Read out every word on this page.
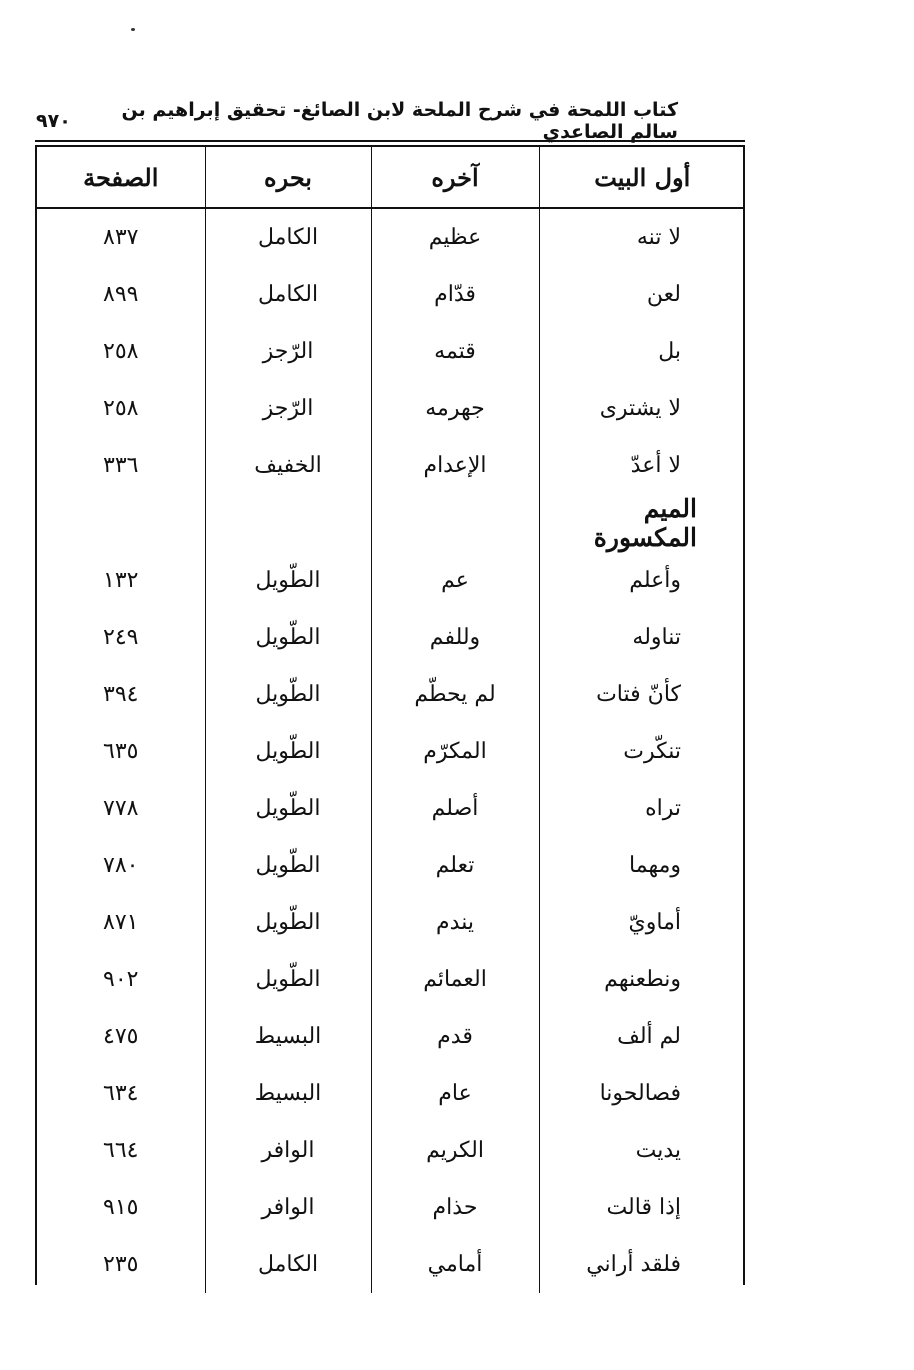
كتاب اللمحة في شرح الملحة لابن الصائغ- تحقيق إبراهيم بن سالم الصاعدي
٩٧٠
أول البيت	آخره	بحره	الصفحة
لا تنه	عظيم	الكامل	٨٣٧
لعن	قدّام	الكامل	٨٩٩
بل	قتمه	الرّجز	٢٥٨
لا يشترى	جهرمه	الرّجز	٢٥٨
لا أعدّ	الإعدام	الخفيف	٣٣٦
الميم المكسورة			
وأعلم	عم	الطّويل	١٣٢
تناوله	وللفم	الطّويل	٢٤٩
كأنّ فتات	لم يحطّم	الطّويل	٣٩٤
تنكّرت	المكرّم	الطّويل	٦٣٥
تراه	أصلم	الطّويل	٧٧٨
ومهما	تعلم	الطّويل	٧٨٠
أماويّ	يندم	الطّويل	٨٧١
ونطعنهم	العمائم	الطّويل	٩٠٢
لم ألف	قدم	البسيط	٤٧٥
فصالحونا	عام	البسيط	٦٣٤
يديت	الكريم	الوافر	٦٦٤
إذا قالت	حذام	الوافر	٩١٥
فلقد أراني	أمامي	الكامل	٢٣٥
